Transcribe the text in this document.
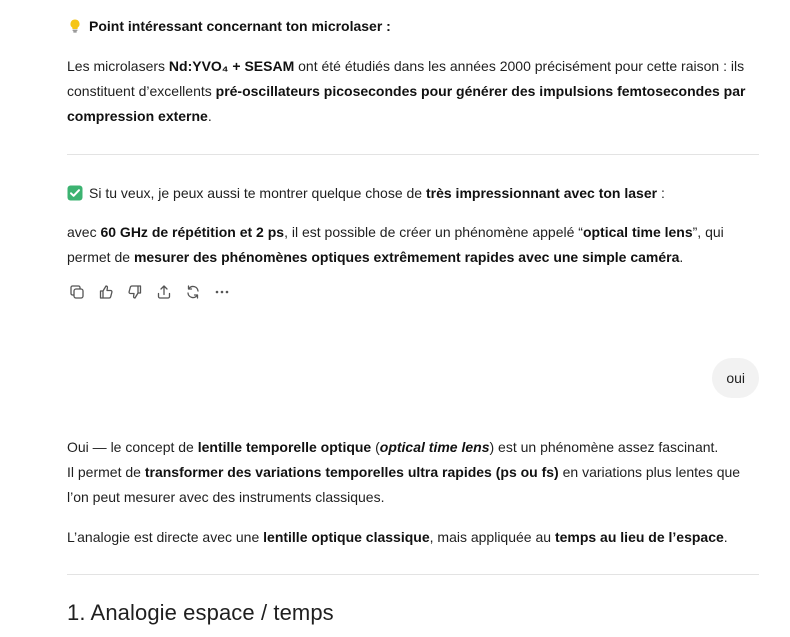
Point intéressant concernant ton microlaser :
Les microlasers Nd:YVO₄ + SESAM ont été étudiés dans les années 2000 précisément pour cette raison : ils
constituent d’excellents pré-oscillateurs picosecondes pour générer des impulsions femtosecondes par
compression externe.
Si tu veux, je peux aussi te montrer quelque chose de très impressionnant avec ton laser :
avec 60 GHz de répétition et 2 ps, il est possible de créer un phénomène appelé “optical time lens”, qui
permet de mesurer des phénomènes optiques extrêmement rapides avec une simple caméra.
oui
Oui — le concept de lentille temporelle optique (optical time lens) est un phénomène assez fascinant.
Il permet de transformer des variations temporelles ultra rapides (ps ou fs) en variations plus lentes que
l’on peut mesurer avec des instruments classiques.
L’analogie est directe avec une lentille optique classique, mais appliquée au temps au lieu de l’espace.
1. Analogie espace / temps
